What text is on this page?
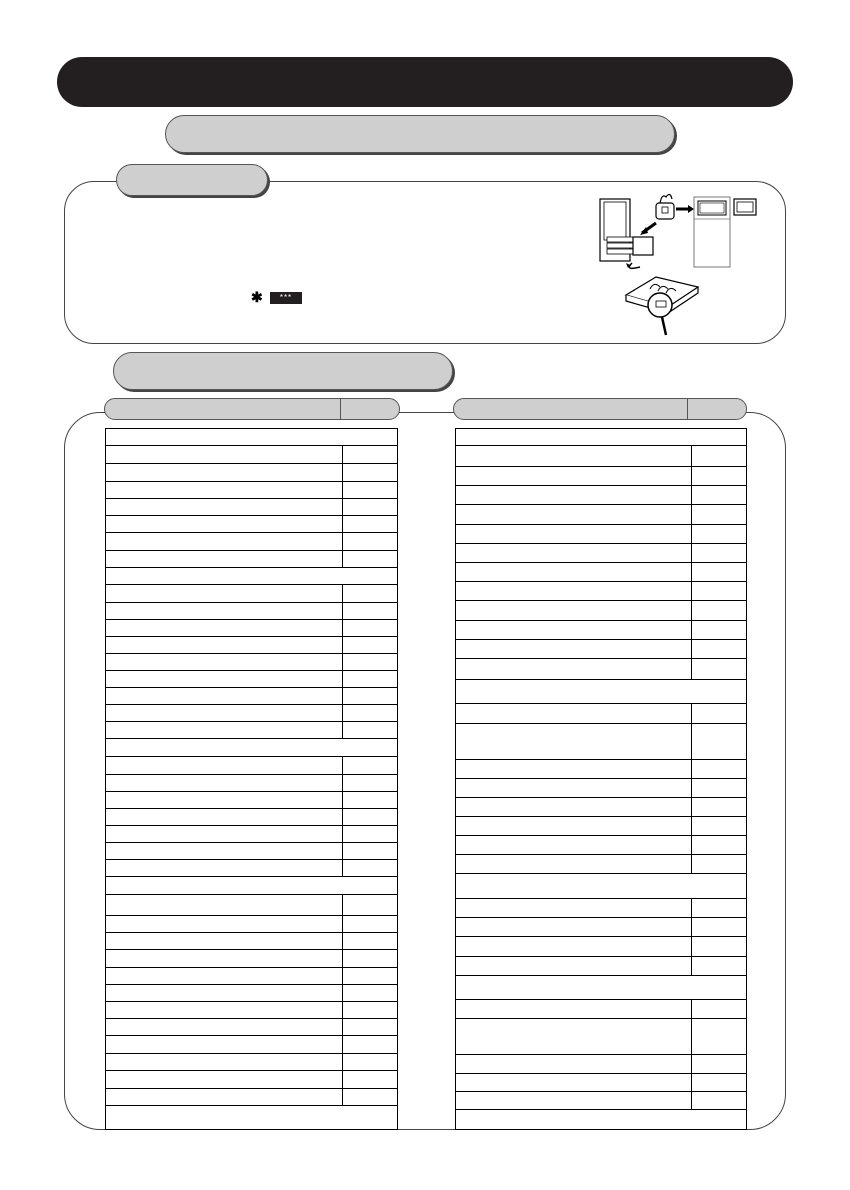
✱	***
